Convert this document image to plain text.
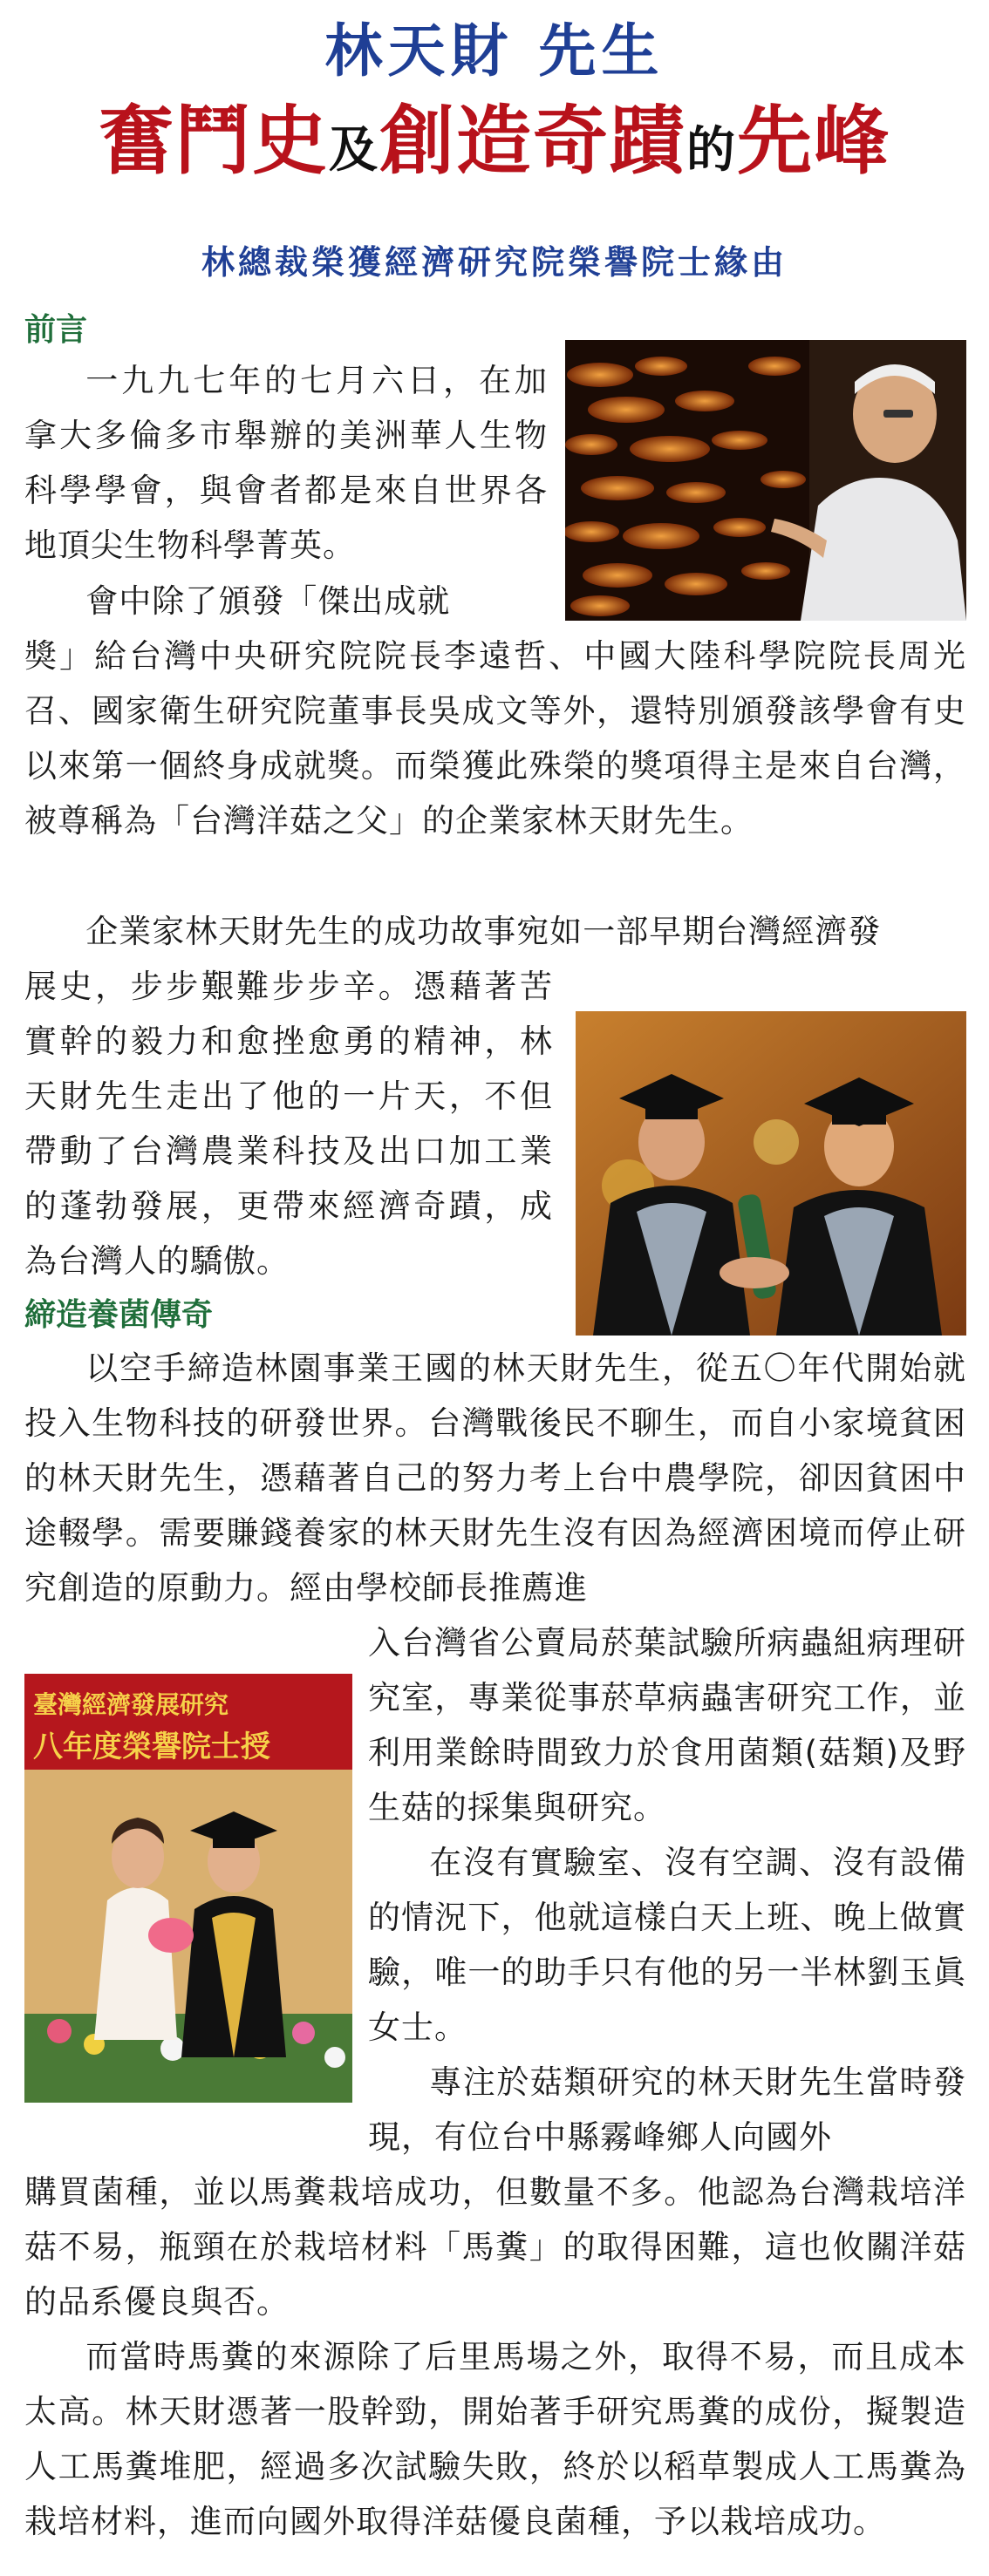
林天財 先生
奮鬥史及創造奇蹟的先峰
林總裁榮獲經濟研究院榮譽院士緣由
前言
一九九七年的七月六日，在加拿大多倫多市舉辦的美洲華人生物科學學會，與會者都是來自世界各地頂尖生物科學菁英。
會中除了頒發「傑出成就
獎」給台灣中央研究院院長李遠哲、中國大陸科學院院長周光召、國家衛生研究院董事長吳成文等外，還特別頒發該學會有史以來第一個終身成就獎。而榮獲此殊榮的獎項得主是來自台灣，被尊稱為「台灣洋菇之父」的企業家林天財先生。
企業家林天財先生的成功故事宛如一部早期台灣經濟發
展史，步步艱難步步辛。憑藉著苦實幹的毅力和愈挫愈勇的精神，林天財先生走出了他的一片天，不但帶動了台灣農業科技及出口加工業的蓬勃發展，更帶來經濟奇蹟，成為台灣人的驕傲。
締造養菌傳奇
以空手締造林園事業王國的林天財先生，從五〇年代開始就投入生物科技的研發世界。台灣戰後民不聊生，而自小家境貧困的林天財先生，憑藉著自己的努力考上台中農學院，卻因貧困中途輟學。需要賺錢養家的林天財先生沒有因為經濟困境而停止研究創造的原動力。經由學校師長推薦進
臺灣經濟發展研究
八年度榮譽院士授
入台灣省公賣局菸葉試驗所病蟲組病理研究室，專業從事菸草病蟲害研究工作，並利用業餘時間致力於食用菌類(菇類)及野生菇的採集與研究。
在沒有實驗室、沒有空調、沒有設備的情況下，他就這樣白天上班、晚上做實驗，唯一的助手只有他的另一半林劉玉眞女士。
專注於菇類研究的林天財先生當時發現，有位台中縣霧峰鄉人向國外
購買菌種，並以馬糞栽培成功，但數量不多。他認為台灣栽培洋菇不易，瓶頸在於栽培材料「馬糞」的取得困難，這也攸關洋菇的品系優良與否。
而當時馬糞的來源除了后里馬場之外，取得不易，而且成本太高。林天財憑著一股幹勁，開始著手研究馬糞的成份，擬製造人工馬糞堆肥，經過多次試驗失敗，終於以稻草製成人工馬糞為栽培材料，進而向國外取得洋菇優良菌種，予以栽培成功。
